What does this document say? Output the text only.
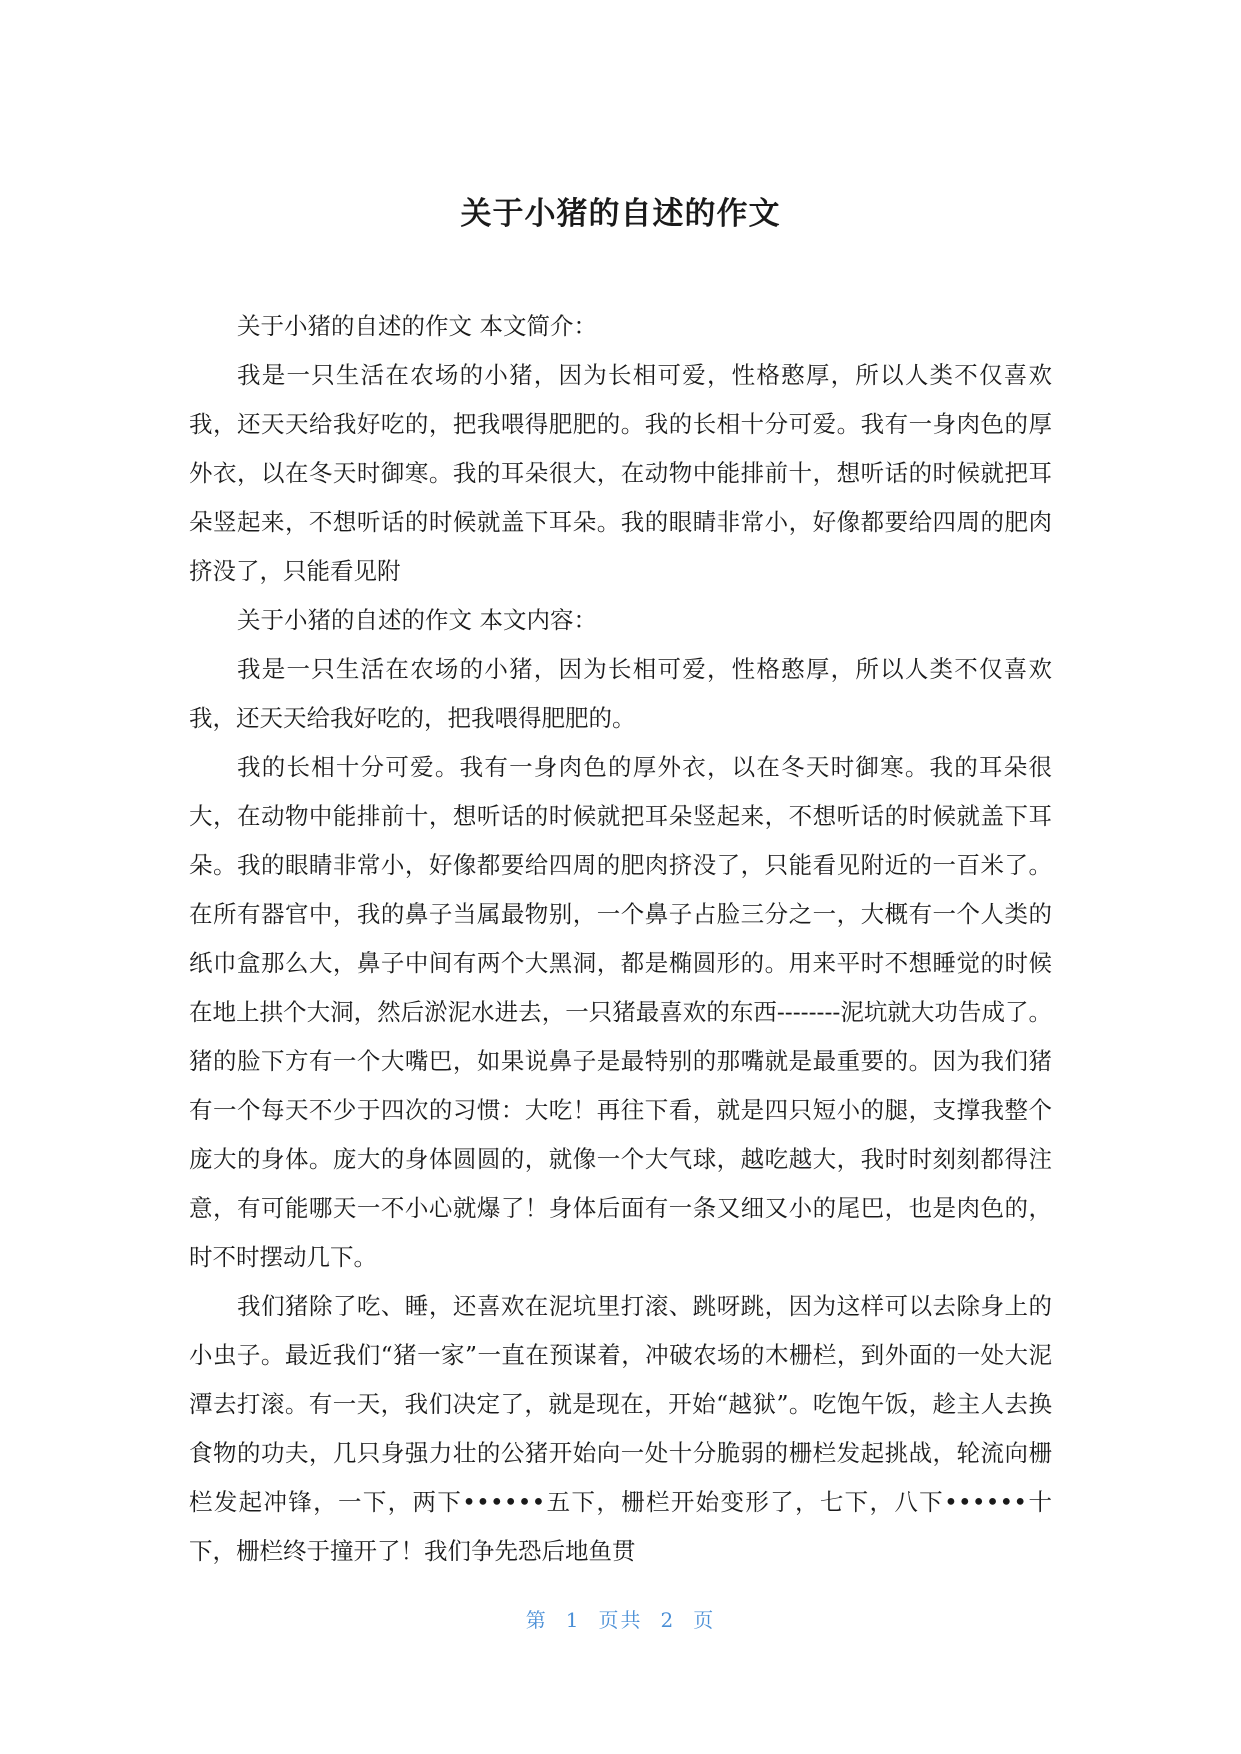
关于小猪的自述的作文

关于小猪的自述的作文 本文简介：

我是一只生活在农场的小猪，因为长相可爱，性格憨厚，所以人类不仅喜欢我，还天天给我好吃的，把我喂得肥肥的。我的长相十分可爱。我有一身肉色的厚外衣，以在冬天时御寒。我的耳朵很大，在动物中能排前十，想听话的时候就把耳朵竖起来，不想听话的时候就盖下耳朵。我的眼睛非常小，好像都要给四周的肥肉挤没了，只能看见附

关于小猪的自述的作文 本文内容：

我是一只生活在农场的小猪，因为长相可爱，性格憨厚，所以人类不仅喜欢我，还天天给我好吃的，把我喂得肥肥的。

我的长相十分可爱。我有一身肉色的厚外衣，以在冬天时御寒。我的耳朵很大，在动物中能排前十，想听话的时候就把耳朵竖起来，不想听话的时候就盖下耳朵。我的眼睛非常小，好像都要给四周的肥肉挤没了，只能看见附近的一百米了。在所有器官中，我的鼻子当属最物别，一个鼻子占脸三分之一，大概有一个人类的纸巾盒那么大，鼻子中间有两个大黑洞，都是椭圆形的。用来平时不想睡觉的时候在地上拱个大洞，然后淤泥水进去，一只猪最喜欢的东西--------泥坑就大功告成了。猪的脸下方有一个大嘴巴，如果说鼻子是最特别的那嘴就是最重要的。因为我们猪有一个每天不少于四次的习惯：大吃！再往下看，就是四只短小的腿，支撑我整个庞大的身体。庞大的身体圆圆的，就像一个大气球，越吃越大，我时时刻刻都得注意，有可能哪天一不小心就爆了！身体后面有一条又细又小的尾巴，也是肉色的，时不时摆动几下。

我们猪除了吃、睡，还喜欢在泥坑里打滚、跳呀跳，因为这样可以去除身上的小虫子。最近我们“猪一家”一直在预谋着，冲破农场的木栅栏，到外面的一处大泥潭去打滚。有一天，我们决定了，就是现在，开始“越狱”。吃饱午饭，趁主人去换食物的功夫，几只身强力壮的公猪开始向一处十分脆弱的栅栏发起挑战，轮流向栅栏发起冲锋，一下，两下••••••五下，栅栏开始变形了，七下，八下••••••十下，栅栏终于撞开了！我们争先恐后地鱼贯

第 1 页共 2 页
